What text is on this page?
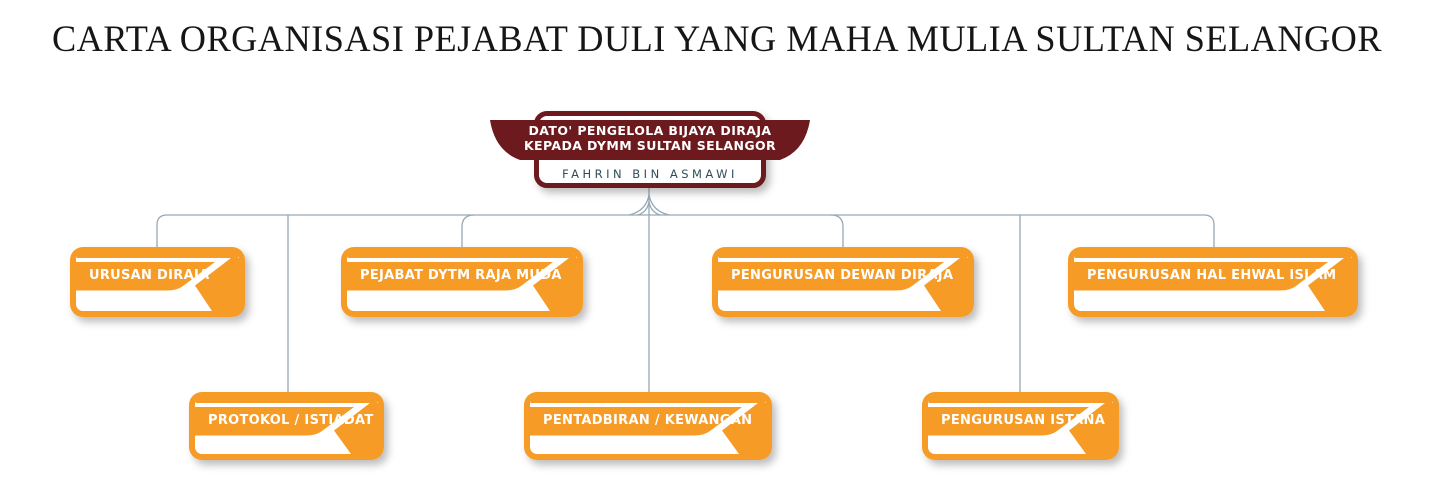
CARTA ORGANISASI PEJABAT DULI YANG MAHA MULIA SULTAN SELANGOR
DATO' PENGELOLA BIJAYA DIRAJA
KEPADA DYMM SULTAN SELANGOR
FAHRIN BIN ASMAWI
URUSAN DIRAJA	PEJABAT DYTM RAJA MUDA	PENGURUSAN DEWAN DIRAJA	PENGURUSAN HAL EHWAL ISLAM
PROTOKOL / ISTIADAT	PENTADBIRAN / KEWANGAN	PENGURUSAN ISTANA
